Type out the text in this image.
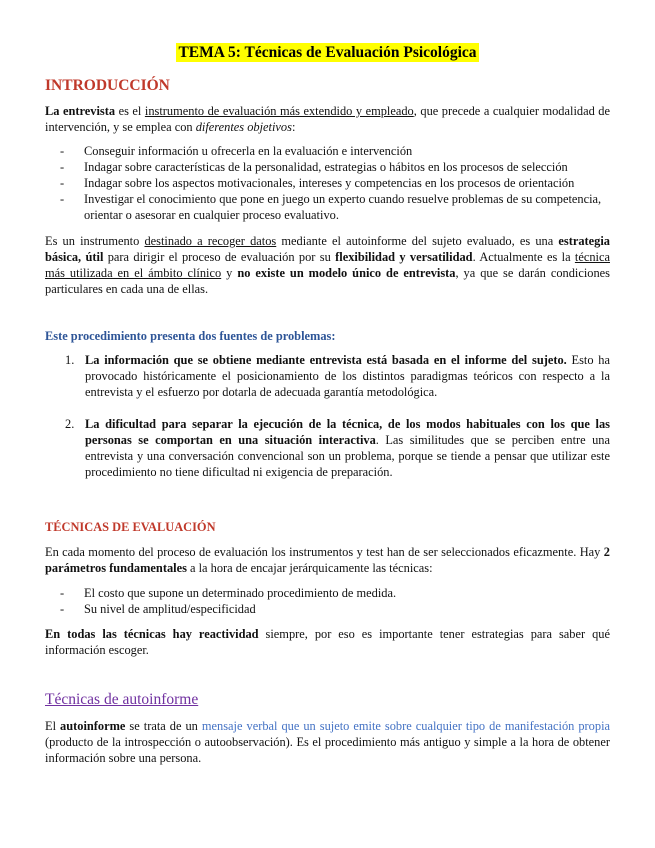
TEMA 5: Técnicas de Evaluación Psicológica
INTRODUCCIÓN

La entrevista es el instrumento de evaluación más extendido y empleado, que precede a cualquier modalidad de intervención, y se emplea con diferentes objetivos:

- Conseguir información u ofrecerla en la evaluación e intervención
- Indagar sobre características de la personalidad, estrategias o hábitos en los procesos de selección
- Indagar sobre los aspectos motivacionales, intereses y competencias en los procesos de orientación
- Investigar el conocimiento que pone en juego un experto cuando resuelve problemas de su competencia, orientar o asesorar en cualquier proceso evaluativo.

Es un instrumento destinado a recoger datos mediante el autoinforme del sujeto evaluado, es una estrategia básica, útil para dirigir el proceso de evaluación por su flexibilidad y versatilidad. Actualmente es la técnica más utilizada en el ámbito clínico y no existe un modelo único de entrevista, ya que se darán condiciones particulares en cada una de ellas.

Este procedimiento presenta dos fuentes de problemas:
1. La información que se obtiene mediante entrevista está basada en el informe del sujeto. Esto ha provocado históricamente el posicionamiento de los distintos paradigmas teóricos con respecto a la entrevista y el esfuerzo por dotarla de adecuada garantía metodológica.
2. La dificultad para separar la ejecución de la técnica, de los modos habituales con los que las personas se comportan en una situación interactiva. Las similitudes que se perciben entre una entrevista y una conversación convencional son un problema, porque se tiende a pensar que utilizar este procedimiento no tiene dificultad ni exigencia de preparación.
TÉCNICAS DE EVALUACIÓN

En cada momento del proceso de evaluación los instrumentos y test han de ser seleccionados eficazmente. Hay 2 parámetros fundamentales a la hora de encajar jerárquicamente las técnicas:

- El costo que supone un determinado procedimiento de medida.
- Su nivel de amplitud/especificidad

En todas las técnicas hay reactividad siempre, por eso es importante tener estrategias para saber qué información escoger.

Técnicas de autoinforme

El autoinforme se trata de un mensaje verbal que un sujeto emite sobre cualquier tipo de manifestación propia (producto de la introspección o autoobservación). Es el procedimiento más antiguo y simple a la hora de obtener información sobre una persona.
